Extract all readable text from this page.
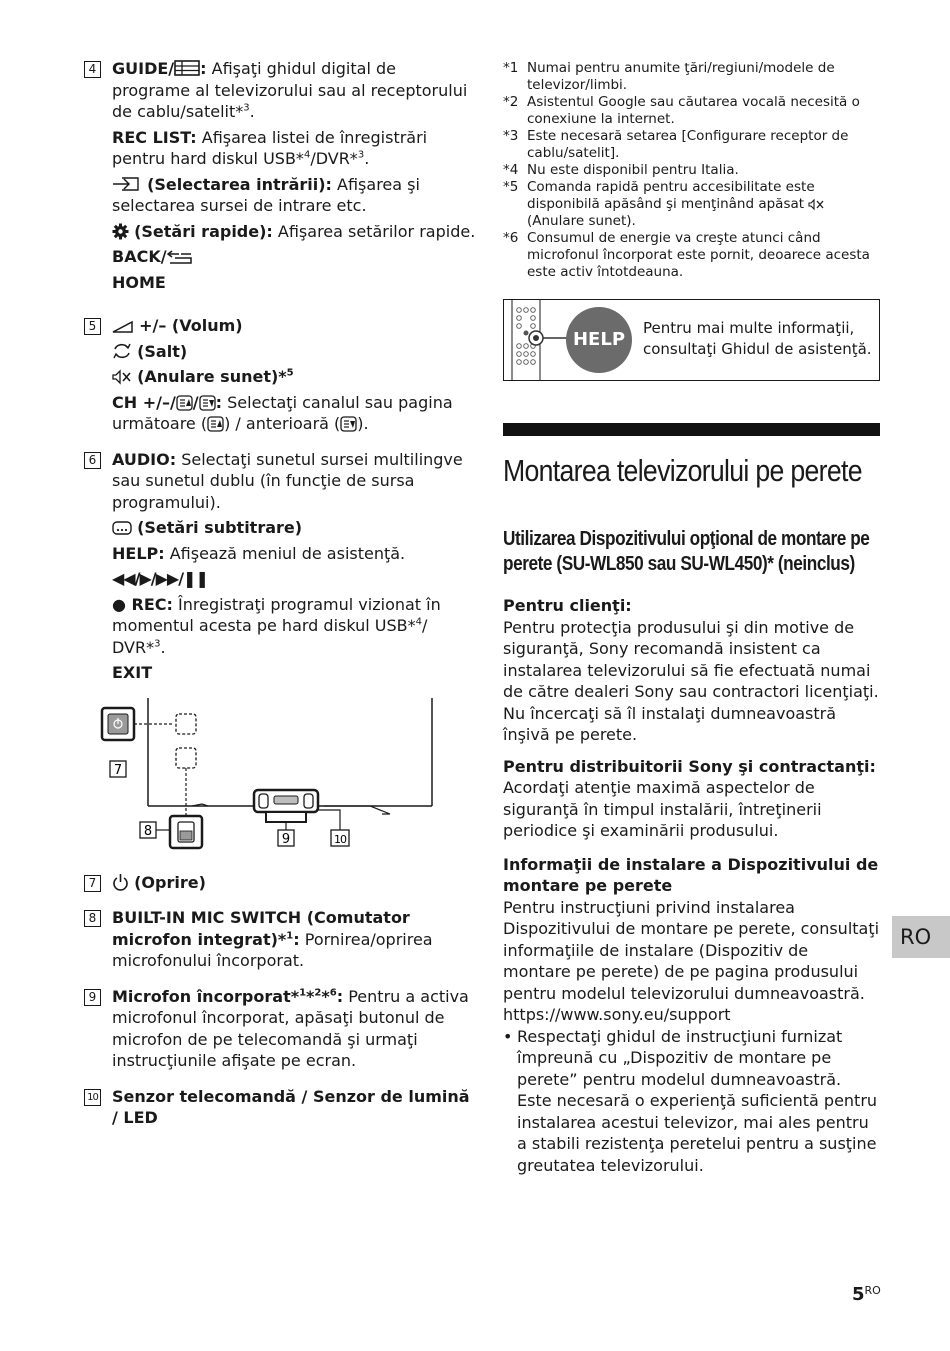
4 GUIDE/ : Afişaţi ghidul digital de programe al televizorului sau al receptorului de cablu/satelit*$^3$.

REC LIST: Afişarea listei de înregistrări pentru hard diskul USB*$^4$/DVR*$^3$.

(Selectarea intrării): Afişarea şi selectarea sursei de intrare etc.

(Setări rapide): Afişarea setărilor rapide.

BACK/

HOME

5	+/– (Volum)

(Salt)

(Anulare sunet)*$^5$

CH +/–/ / : Selectaţi canalul sau pagina următoare ( ) / anterioară ( ).

6 AUDIO: Selectaţi sunetul sursei multilingve sau sunetul dublu (în funcţie de sursa programului).

(Setări subtitrare)

HELP: Afişează meniul de asistenţă.

◀◀/▶/▶▶/❚❚

● REC: Înregistraţi programul vizionat în momentul acesta pe hard diskul USB*$^4$/ DVR*$^3$.

EXIT

7
8
9	10
7	(Oprire)

8 BUILT-IN MIC SWITCH (Comutator microfon integrat)*$^1$: Pornirea/oprirea microfonului încorporat.

9 Microfon încorporat*$^1$*$^2$*$^6$: Pentru a activa microfonul încorporat, apăsaţi butonul de microfon de pe telecomandă şi urmaţi instrucţiunile afişate pe ecran.

10 Senzor telecomandă / Senzor de lumină / LED

*1 Numai pentru anumite ţări/regiuni/modele de televizor/limbi.
*2 Asistentul Google sau căutarea vocală necesită o conexiune la internet.
*3 Este necesară setarea [Configurare receptor de cablu/satelit].
*4 Nu este disponibil pentru Italia.
*5 Comanda rapidă pentru accesibilitate este disponibilă apăsând şi menţinând apăsat  (Anulare sunet).
*6 Consumul de energie va creşte atunci când microfonul încorporat este pornit, deoarece acesta este activ întotdeauna.
HELP
Pentru mai multe informaţii, consultaţi Ghidul de asistenţă.
Montarea televizorului pe perete
Utilizarea Dispozitivului opţional de montare pe perete (SU-WL850 sau SU-WL450)* (neinclus)
Pentru clienţi:
Pentru protecţia produsului şi din motive de siguranţă, Sony recomandă insistent ca instalarea televizorului să fie efectuată numai de către dealeri Sony sau contractori licenţiaţi. Nu încercaţi să îl instalaţi dumneavoastră înşivă pe perete.
Pentru distribuitorii Sony şi contractanţi:
Acordaţi atenţie maximă aspectelor de siguranţă în timpul instalării, întreţinerii periodice şi examinării produsului.
Informaţii de instalare a Dispozitivului de montare pe perete
Pentru instrucţiuni privind instalarea Dispozitivului de montare pe perete, consultaţi informaţiile de instalare (Dispozitiv de montare pe perete) de pe pagina produsului pentru modelul televizorului dumneavoastră.
https://www.sony.eu/support
• Respectaţi ghidul de instrucţiuni furnizat împreună cu „Dispozitiv de montare pe perete” pentru modelul dumneavoastră. Este necesară o experienţă suficientă pentru instalarea acestui televizor, mai ales pentru a stabili rezistenţa peretelui pentru a susţine greutatea televizorului.
RO
$5^{RO}$
